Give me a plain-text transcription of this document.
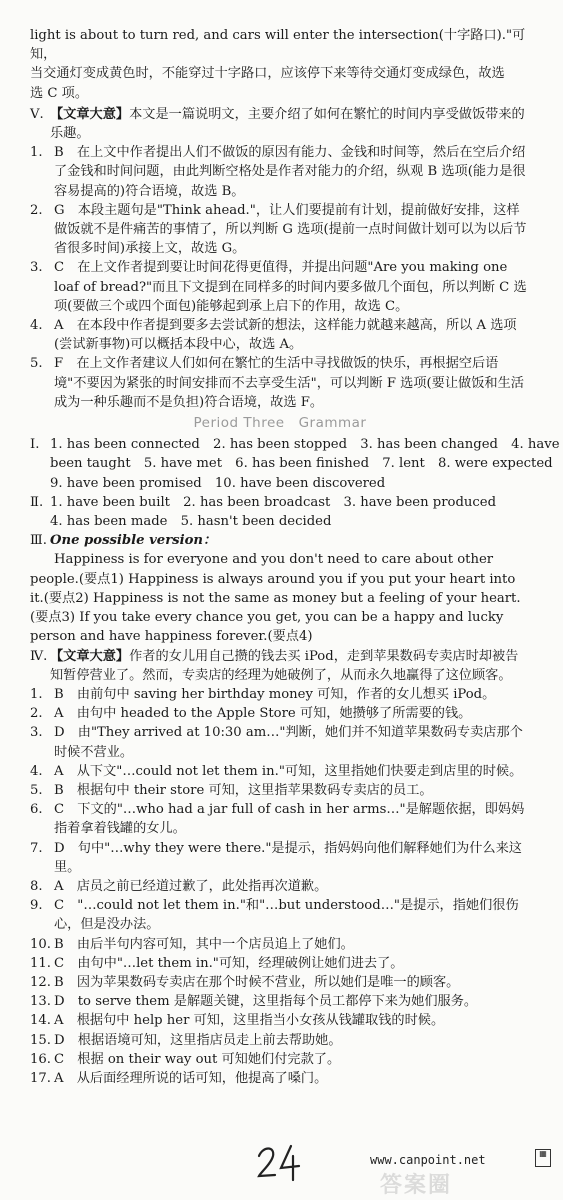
light is about to turn red, and cars will enter the intersection(十字路口)."可知，

当交通灯变成黄色时，不能穿过十字路口，应该停下来等待交通灯变成绿色，故选

选 C 项。

Ⅴ. 【文章大意】本文是一篇说明文，主要介绍了如何在繁忙的时间内享受做饭带来的乐趣。

1. B　在上文中作者提出人们不做饭的原因有能力、金钱和时间等，然后在空后介绍了金钱和时间问题，由此判断空格处是作者对能力的介绍，纵观 B 选项(能力是很容易提高的)符合语境，故选 B。

2. G　本段主题句是"Think ahead."，让人们要提前有计划，提前做好安排，这样做饭就不是件痛苦的事情了，所以判断 G 选项(提前一点时间做计划可以为以后节省很多时间)承接上文，故选 G。

3. C　在上文作者提到要让时间花得更值得，并提出问题"Are you making one loaf of bread?"而且下文提到在同样多的时间内要多做几个面包，所以判断 C 选项(要做三个或四个面包)能够起到承上启下的作用，故选 C。

4. A　在本段中作者提到要多去尝试新的想法，这样能力就越来越高，所以 A 选项(尝试新事物)可以概括本段中心，故选 A。

5. F　在上文作者建议人们如何在繁忙的生活中寻找做饭的快乐，再根据空后语境"不要因为紧张的时间安排而不去享受生活"，可以判断 F 选项(要让做饭和生活成为一种乐趣而不是负担)符合语境，故选 F。

Period Three　Grammar
Ⅰ. 1. has been connected　2. has been stopped　3. has been changed　4. have
been taught　5. have met　6. has been finished　7. lent　8. were expected
9. have been promised　10. have been discovered
Ⅱ. 1. have been built　2. has been broadcast　3. have been produced
4. has been made　5. hasn't been decided
Ⅲ. One possible version：

Happiness is for everyone and you don't need to care about other people.(要点1) Happiness is always around you if you put your heart into it.(要点2) Happiness is not the same as money but a feeling of your heart.(要点3) If you take every chance you get, you can be a happy and lucky person and have happiness forever.(要点4)

Ⅳ. 【文章大意】作者的女儿用自己攒的钱去买 iPod，走到苹果数码专卖店时却被告知暂停营业了。然而，专卖店的经理为她破例了，从而永久地赢得了这位顾客。

1. B　由前句中 saving her birthday money 可知，作者的女儿想买 iPod。

2. A　由句中 headed to the Apple Store 可知，她攒够了所需要的钱。

3. D　由"They arrived at 10:30 am…"判断，她们并不知道苹果数码专卖店那个时候不营业。

4. A　从下文"…could not let them in."可知，这里指她们快要走到店里的时候。

5. B　根据句中 their store 可知，这里指苹果数码专卖店的员工。

6. C　下文的"…who had a jar full of cash in her arms…"是解题依据，即妈妈指着拿着钱罐的女儿。

7. D　句中"…why they were there."是提示，指妈妈向他们解释她们为什么来这里。

8. A　店员之前已经道过歉了，此处指再次道歉。

9. C　"…could not let them in."和"…but understood…"是提示，指她们很伤心，但是没办法。

10. B　由后半句内容可知，其中一个店员追上了她们。

11. C　由句中"…let them in."可知，经理破例让她们进去了。

12. B　因为苹果数码专卖店在那个时候不营业，所以她们是唯一的顾客。

13. D　to serve them 是解题关键，这里指每个员工都停下来为她们服务。

14. A　根据句中 help her 可知，这里指当小女孩从钱罐取钱的时候。

15. D　根据语境可知，这里指店员走上前去帮助她。

16. C　根据 on their way out 可知她们付完款了。

17. A　从后面经理所说的话可知，他提高了嗓门。

www.canpoint.net	▦
答案圈
